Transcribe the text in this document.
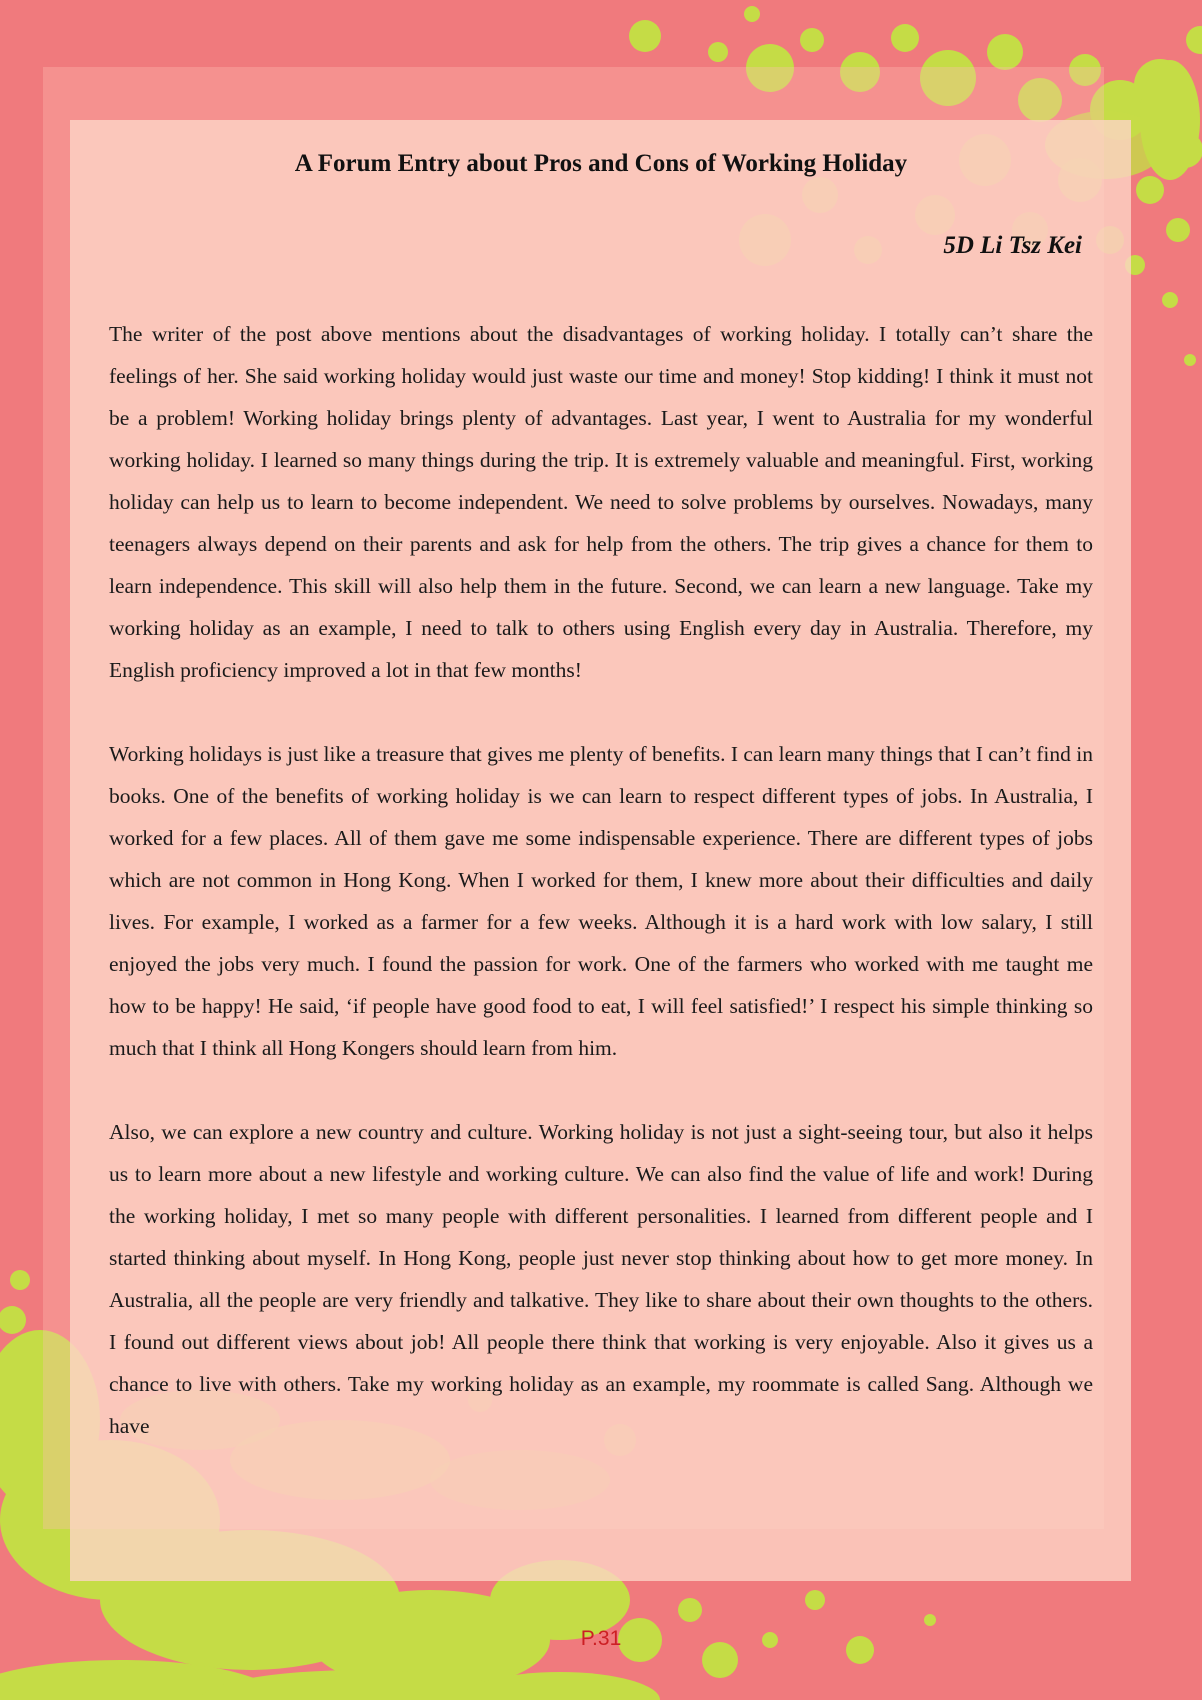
A Forum Entry about Pros and Cons of Working Holiday

5D Li Tsz Kei

The writer of the post above mentions about the disadvantages of working holiday. I totally can’t share the feelings of her. She said working holiday would just waste our time and money! Stop kidding! I think it must not be a problem! Working holiday brings plenty of advantages. Last year, I went to Australia for my wonderful working holiday. I learned so many things during the trip. It is extremely valuable and meaningful. First, working holiday can help us to learn to become independent. We need to solve problems by ourselves. Nowadays, many teenagers always depend on their parents and ask for help from the others. The trip gives a chance for them to learn independence. This skill will also help them in the future. Second, we can learn a new language. Take my working holiday as an example, I need to talk to others using English every day in Australia. Therefore, my English proficiency improved a lot in that few months!

Working holidays is just like a treasure that gives me plenty of benefits. I can learn many things that I can’t find in books. One of the benefits of working holiday is we can learn to respect different types of jobs. In Australia, I worked for a few places. All of them gave me some indispensable experience. There are different types of jobs which are not common in Hong Kong. When I worked for them, I knew more about their difficulties and daily lives. For example, I worked as a farmer for a few weeks. Although it is a hard work with low salary, I still enjoyed the jobs very much. I found the passion for work. One of the farmers who worked with me taught me how to be happy! He said, ‘if people have good food to eat, I will feel satisfied!’ I respect his simple thinking so much that I think all Hong Kongers should learn from him.

Also, we can explore a new country and culture. Working holiday is not just a sight-seeing tour, but also it helps us to learn more about a new lifestyle and working culture. We can also find the value of life and work! During the working holiday, I met so many people with different personalities. I learned from different people and I started thinking about myself. In Hong Kong, people just never stop thinking about how to get more money. In Australia, all the people are very friendly and talkative. They like to share about their own thoughts to the others. I found out different views about job! All people there think that working is very enjoyable. Also it gives us a chance to live with others. Take my working holiday as an example, my roommate is called Sang. Although we have

P.31
